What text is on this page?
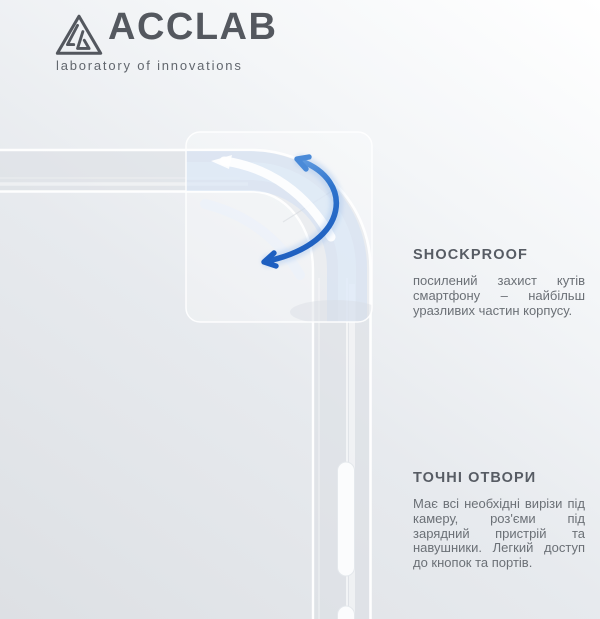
ACCLAB
laboratory of innovations
SHOCKPROOF

посилений захист кутів смартфону – найбільш уразливих частин корпусу.

ТОЧНІ ОТВОРИ

Має всі необхідні вирізи під камеру, роз'єми під зарядний пристрій та навушники. Легкий доступ до кнопок та портів.
